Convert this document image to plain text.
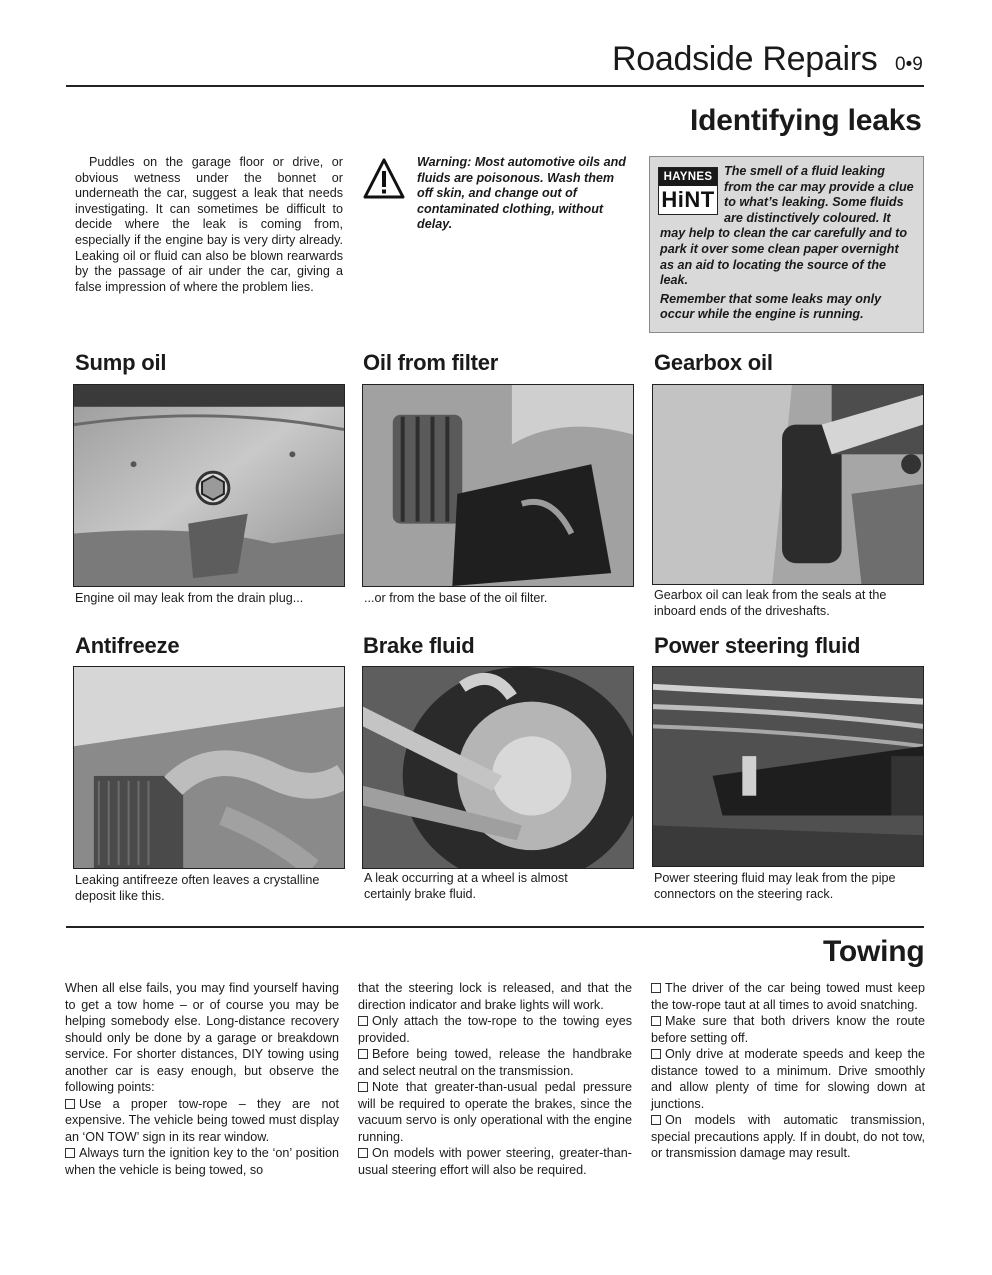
Roadside Repairs 0•9
Identifying leaks
Puddles on the garage floor or drive, or obvious wetness under the bonnet or underneath the car, suggest a leak that needs investigating. It can sometimes be difficult to decide where the leak is coming from, especially if the engine bay is very dirty already. Leaking oil or fluid can also be blown rearwards by the passage of air under the car, giving a false impression of where the problem lies.
Warning: Most automotive oils and fluids are poisonous. Wash them off skin, and change out of contaminated clothing, without delay.

The smell of a fluid leaking from the car may provide a clue to what’s leaking. Some fluids are distinctively coloured. It may help to clean the car carefully and to park it over some clean paper overnight as an aid to locating the source of the leak.

Remember that some leaks may only occur while the engine is running.

HAYNES
HiNT
Sump oil	Oil from filter	Gearbox oil
Engine oil may leak from the drain plug...	...or from the base of the oil filter.	Gearbox oil can leak from the seals at the inboard ends of the driveshafts.
Antifreeze	Brake fluid	Power steering fluid
Leaking antifreeze often leaves a crystalline deposit like this.
A leak occurring at a wheel is almost certainly brake fluid.
Power steering fluid may leak from the pipe connectors on the steering rack.
Towing

When all else fails, you may find yourself having to get a tow home – or of course you may be helping somebody else. Long-distance recovery should only be done by a garage or breakdown service. For shorter distances, DIY towing using another car is easy enough, but observe the following points:

Use a proper tow-rope – they are not expensive. The vehicle being towed must display an ‘ON TOW’ sign in its rear window.

Always turn the ignition key to the ‘on’ position when the vehicle is being towed, so

that the steering lock is released, and that the direction indicator and brake lights will work.

Only attach the tow-rope to the towing eyes provided.

Before being towed, release the handbrake and select neutral on the transmission.

Note that greater-than-usual pedal pressure will be required to operate the brakes, since the vacuum servo is only operational with the engine running.

On models with power steering, greater-than-usual steering effort will also be required.

The driver of the car being towed must keep the tow-rope taut at all times to avoid snatching.

Make sure that both drivers know the route before setting off.

Only drive at moderate speeds and keep the distance towed to a minimum. Drive smoothly and allow plenty of time for slowing down at junctions.

On models with automatic transmission, special precautions apply. If in doubt, do not tow, or transmission damage may result.
